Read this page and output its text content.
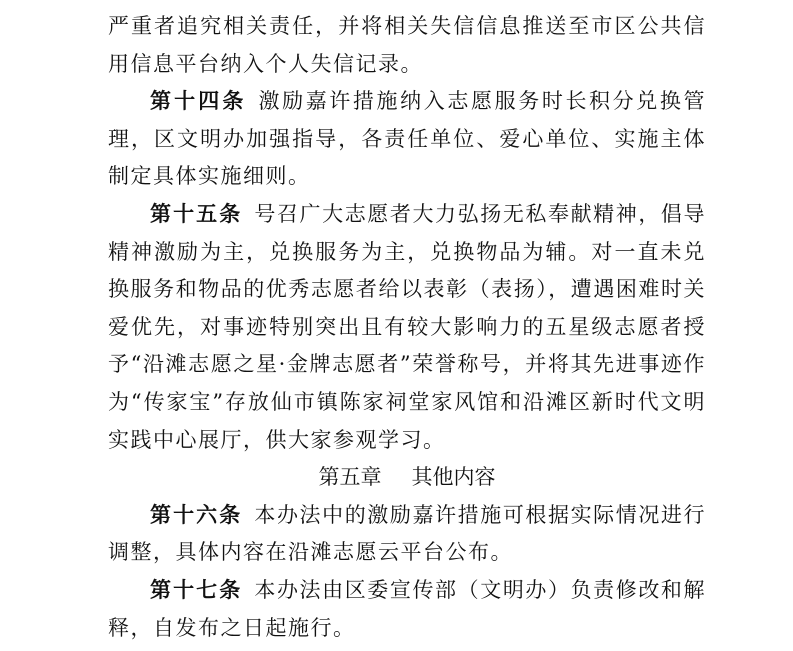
严重者追究相关责任，并将相关失信信息推送至市区公共信用信息平台纳入个人失信记录。

第十四条 激励嘉许措施纳入志愿服务时长积分兑换管理，区文明办加强指导，各责任单位、爱心单位、实施主体制定具体实施细则。

第十五条 号召广大志愿者大力弘扬无私奉献精神，倡导精神激励为主，兑换服务为主，兑换物品为辅。对一直未兑换服务和物品的优秀志愿者给以表彰（表扬），遭遇困难时关爱优先，对事迹特别突出且有较大影响力的五星级志愿者授予“沿滩志愿之星·金牌志愿者”荣誉称号，并将其先进事迹作为“传家宝”存放仙市镇陈家祠堂家风馆和沿滩区新时代文明实践中心展厅，供大家参观学习。

第五章 其他内容

第十六条 本办法中的激励嘉许措施可根据实际情况进行调整，具体内容在沿滩志愿云平台公布。

第十七条 本办法由区委宣传部（文明办）负责修改和解释，自发布之日起施行。
